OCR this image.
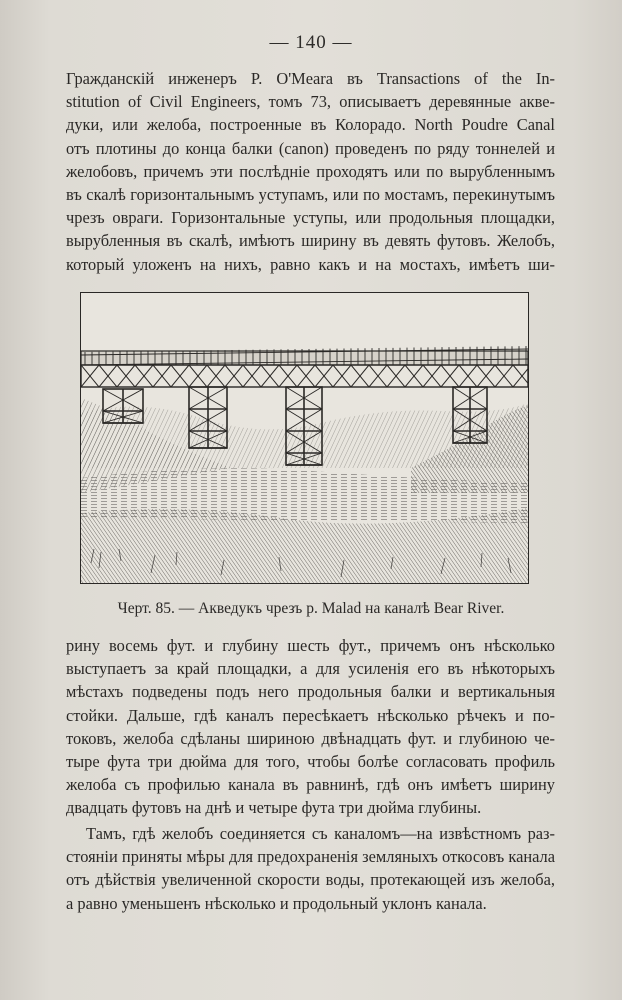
— 140 —

Гражданскій инженеръ P. O'Meara въ Transactions of the In-
stitution of Civil Engineers, томъ 73, описываетъ деревянные акве-
дуки, или желоба, построенные въ Колорадо. North Poudre Canal
отъ плотины до конца балки (canon) проведенъ по ряду тоннелей и
желобовъ, причемъ эти послѣдніе проходятъ или по вырубленнымъ
въ скалѣ горизонтальнымъ уступамъ, или по мостамъ, перекинутымъ
чрезъ овраги. Горизонтальные уступы, или продольныя площадки,
вырубленныя въ скалѣ, имѣютъ ширину въ девять футовъ. Желобъ,
который уложенъ на нихъ, равно какъ и на мостахъ, имѣетъ ши-

Черт. 85. — Акведукъ чрезъ р. Malad на каналѣ Bear River.

рину восемь фут. и глубину шесть фут., причемъ онъ нѣсколько
выступаетъ за край площадки, а для усиленія его въ нѣкоторыхъ
мѣстахъ подведены подъ него продольныя балки и вертикальныя
стойки. Дальше, гдѣ каналъ пересѣкаетъ нѣсколько рѣчекъ и по-
токовъ, желоба сдѣланы шириною двѣнадцать фут. и глубиною че-
тыре фута три дюйма для того, чтобы болѣе согласовать профиль
желоба съ профилью канала въ равнинѣ, гдѣ онъ имѣетъ ширину
двадцать футовъ на днѣ и четыре фута три дюйма глубины.

Тамъ, гдѣ желобъ соединяется съ каналомъ—на извѣстномъ раз-
стояніи приняты мѣры для предохраненія земляныхъ откосовъ канала
отъ дѣйствія увеличенной скорости воды, протекающей изъ желоба,
а равно уменьшенъ нѣсколько и продольный уклонъ канала.
